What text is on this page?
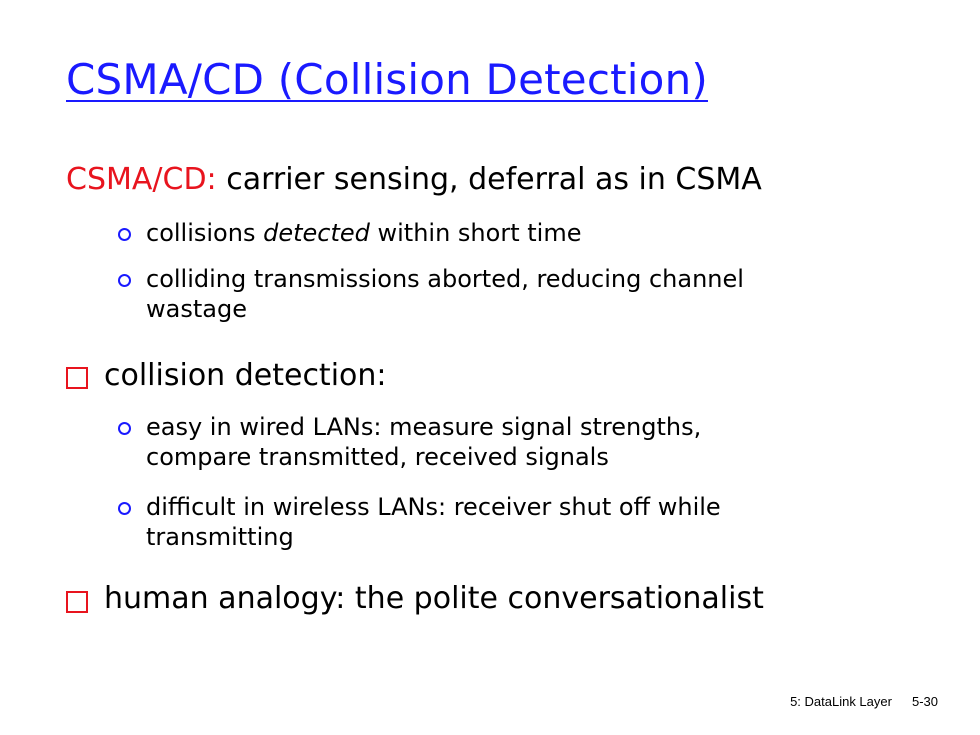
CSMA/CD (Collision Detection)
CSMA/CD: carrier sensing, deferral as in CSMA
collisions detected within short time
colliding transmissions aborted, reducing channel
wastage
collision detection:
easy in wired LANs: measure signal strengths,
compare transmitted, received signals
difficult in wireless LANs: receiver shut off while
transmitting
human analogy: the polite conversationalist
5: DataLink Layer 5-30
